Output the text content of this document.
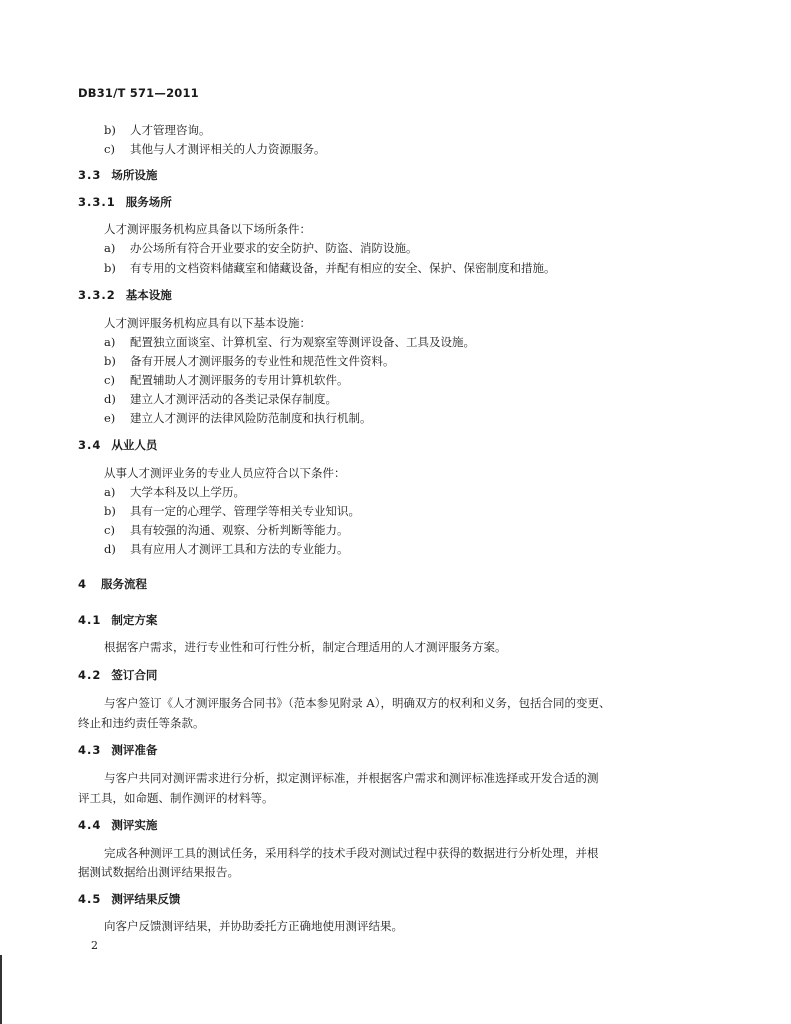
DB31/T 571—2011
b) 人才管理咨询。
c) 其他与人才测评相关的人力资源服务。
3.3 场所设施
3.3.1 服务场所
人才测评服务机构应具备以下场所条件：
a) 办公场所有符合开业要求的安全防护、防盗、消防设施。
b) 有专用的文档资料储藏室和储藏设备，并配有相应的安全、保护、保密制度和措施。
3.3.2 基本设施
人才测评服务机构应具有以下基本设施：
a) 配置独立面谈室、计算机室、行为观察室等测评设备、工具及设施。
b) 备有开展人才测评服务的专业性和规范性文件资料。
c) 配置辅助人才测评服务的专用计算机软件。
d) 建立人才测评活动的各类记录保存制度。
e) 建立人才测评的法律风险防范制度和执行机制。
3.4 从业人员
从事人才测评业务的专业人员应符合以下条件：
a) 大学本科及以上学历。
b) 具有一定的心理学、管理学等相关专业知识。
c) 具有较强的沟通、观察、分析判断等能力。
d) 具有应用人才测评工具和方法的专业能力。
4 服务流程
4.1 制定方案
根据客户需求，进行专业性和可行性分析，制定合理适用的人才测评服务方案。
4.2 签订合同
与客户签订《人才测评服务合同书》（范本参见附录 A），明确双方的权利和义务，包括合同的变更、
终止和违约责任等条款。
4.3 测评准备
与客户共同对测评需求进行分析，拟定测评标准，并根据客户需求和测评标准选择或开发合适的测
评工具，如命题、制作测评的材料等。
4.4 测评实施
完成各种测评工具的测试任务，采用科学的技术手段对测试过程中获得的数据进行分析处理，并根
据测试数据给出测评结果报告。
4.5 测评结果反馈
向客户反馈测评结果，并协助委托方正确地使用测评结果。
2
